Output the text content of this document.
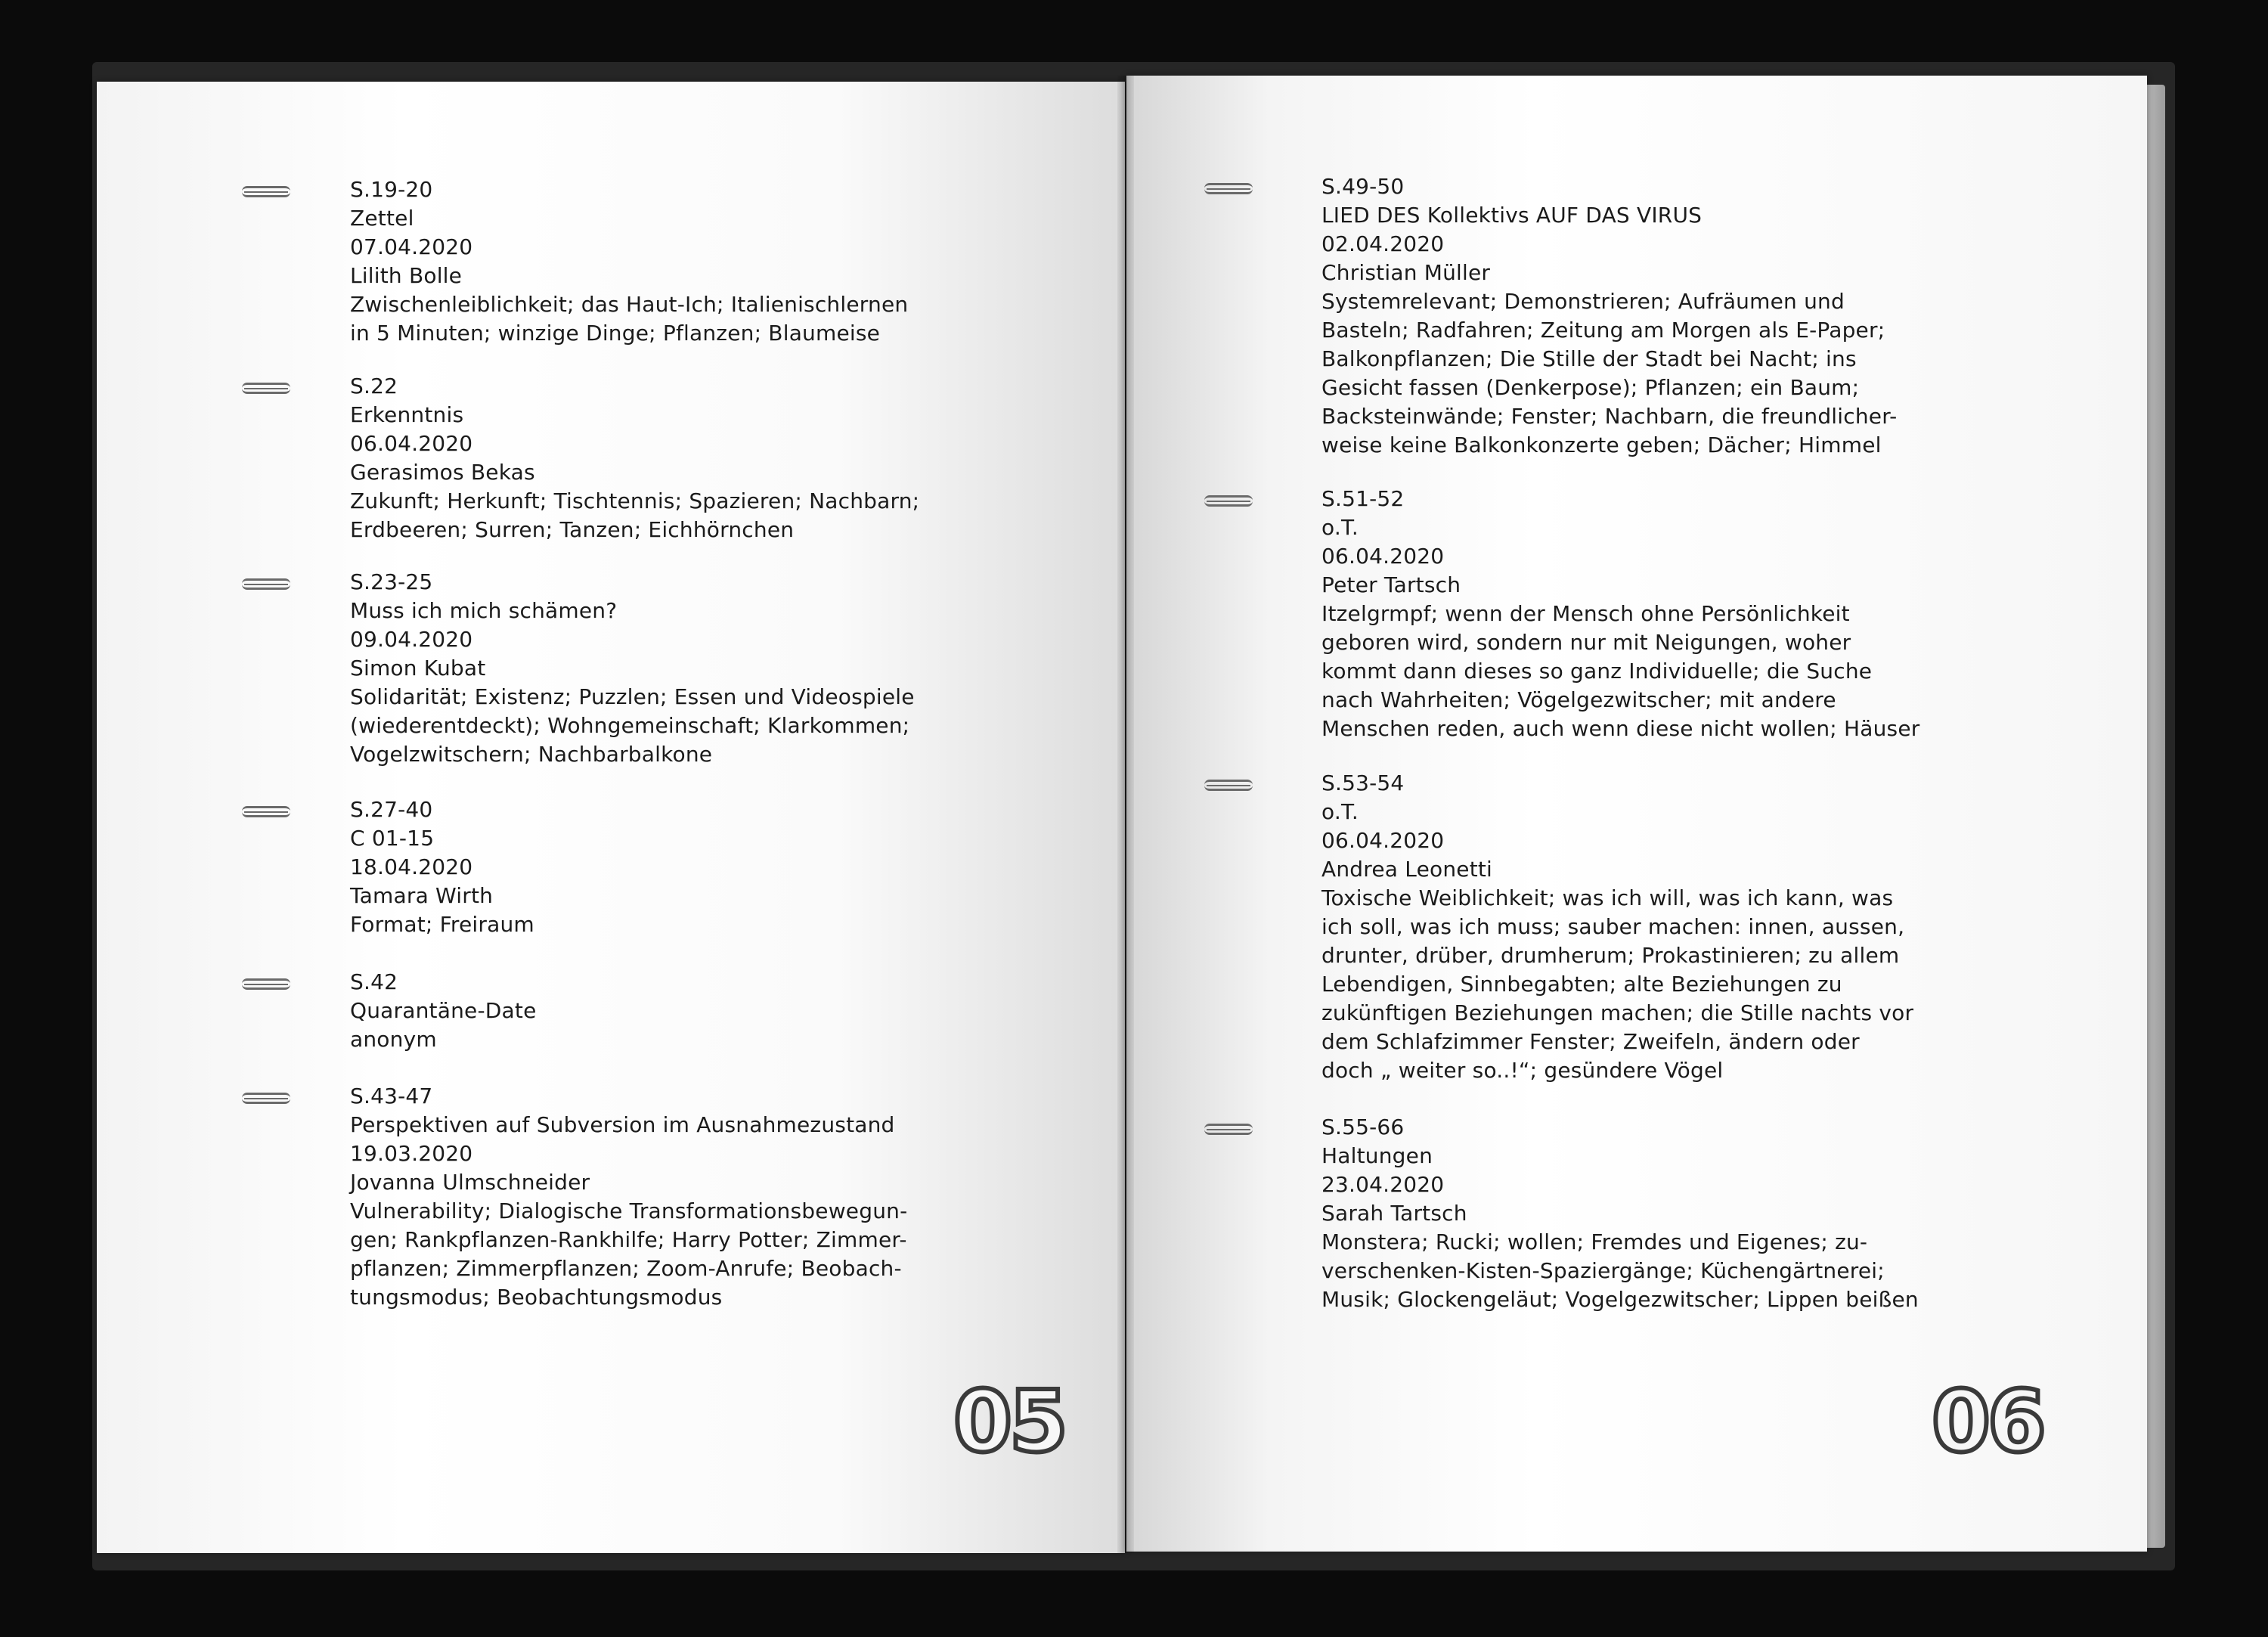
05
S.19-20
Zettel
07.04.2020
Lilith Bolle
Zwischenleiblichkeit; das Haut-Ich; Italienischlernen
in 5 Minuten; winzige Dinge; Pflanzen; Blaumeise
S.22
Erkenntnis
06.04.2020
Gerasimos Bekas
Zukunft; Herkunft; Tischtennis; Spazieren; Nachbarn;
Erdbeeren; Surren; Tanzen; Eichhörnchen
S.23-25
Muss ich mich schämen?
09.04.2020
Simon Kubat
Solidarität; Existenz; Puzzlen; Essen und Videospiele
(wiederentdeckt); Wohngemeinschaft; Klarkommen;
Vogelzwitschern; Nachbarbalkone
S.27-40
C 01-15
18.04.2020
Tamara Wirth
Format; Freiraum
S.42
Quarantäne-Date
anonym
S.43-47
Perspektiven auf Subversion im Ausnahmezustand
19.03.2020
Jovanna Ulmschneider
Vulnerability; Dialogische Transformationsbewegun-
gen; Rankpflanzen-Rankhilfe; Harry Potter; Zimmer-
pflanzen; Zimmerpflanzen; Zoom-Anrufe; Beobach-
tungsmodus; Beobachtungsmodus
06
S.49-50
LIED DES Kollektivs AUF DAS VIRUS
02.04.2020
Christian Müller
Systemrelevant; Demonstrieren; Aufräumen und
Basteln; Radfahren; Zeitung am Morgen als E-Paper;
Balkonpflanzen; Die Stille der Stadt bei Nacht; ins
Gesicht fassen (Denkerpose); Pflanzen; ein Baum;
Backsteinwände; Fenster; Nachbarn, die freundlicher-
weise keine Balkonkonzerte geben; Dächer; Himmel
S.51-52
o.T.
06.04.2020
Peter Tartsch
Itzelgrmpf; wenn der Mensch ohne Persönlichkeit
geboren wird, sondern nur mit Neigungen, woher
kommt dann dieses so ganz Individuelle; die Suche
nach Wahrheiten; Vögelgezwitscher; mit andere
Menschen reden, auch wenn diese nicht wollen; Häuser
S.53-54
o.T.
06.04.2020
Andrea Leonetti
Toxische Weiblichkeit; was ich will, was ich kann, was
ich soll, was ich muss; sauber machen: innen, aussen,
drunter, drüber, drumherum; Prokastinieren; zu allem
Lebendigen, Sinnbegabten; alte Beziehungen zu
zukünftigen Beziehungen machen; die Stille nachts vor
dem Schlafzimmer Fenster; Zweifeln, ändern oder
doch „ weiter so..!“; gesündere Vögel
S.55-66
Haltungen
23.04.2020
Sarah Tartsch
Monstera; Rucki; wollen; Fremdes und Eigenes; zu-
verschenken-Kisten-Spaziergänge; Küchengärtnerei;
Musik; Glockengeläut; Vogelgezwitscher; Lippen beißen
